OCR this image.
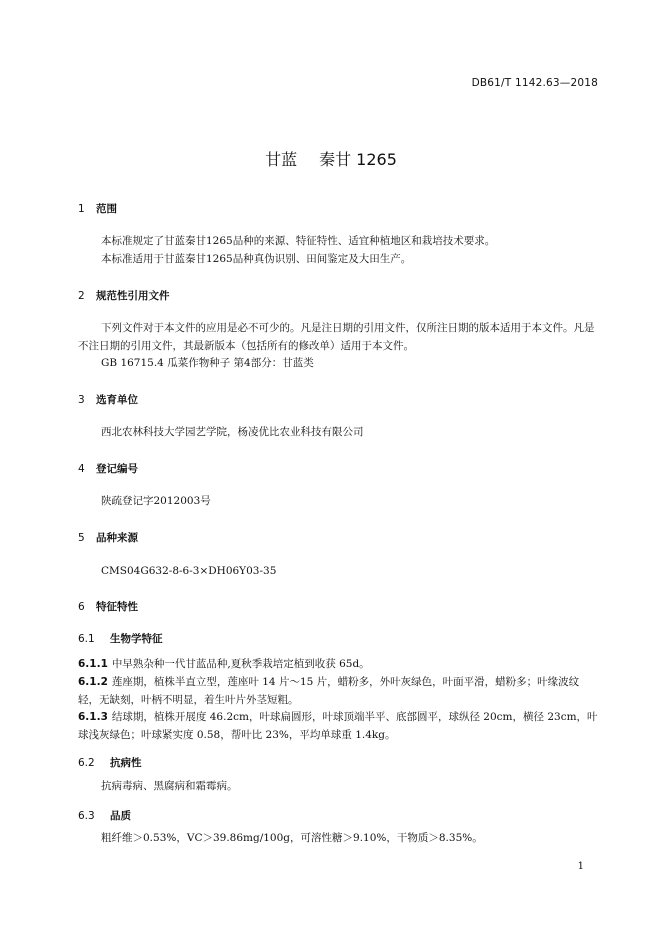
DB61/T 1142.63—2018
甘蓝 秦甘 1265
1 范围
本标准规定了甘蓝秦甘1265品种的来源、特征特性、适宜种植地区和栽培技术要求。
本标准适用于甘蓝秦甘1265品种真伪识别、田间鉴定及大田生产。
2 规范性引用文件
下列文件对于本文件的应用是必不可少的。凡是注日期的引用文件，仅所注日期的版本适用于本文件。凡是不注日期的引用文件，其最新版本（包括所有的修改单）适用于本文件。
GB 16715.4 瓜菜作物种子 第4部分：甘蓝类
3 选育单位
西北农林科技大学园艺学院，杨凌优比农业科技有限公司
4 登记编号
陕疏登记字2012003号
5 品种来源
CMS04G632-8-6-3×DH06Y03-35
6 特征特性
6.1 生物学特征
6.1.1 中早熟杂种一代甘蓝品种,夏秋季栽培定植到收获 65d。
6.1.2 莲座期，植株半直立型，莲座叶 14 片～15 片，蜡粉多，外叶灰绿色，叶面平滑，蜡粉多；叶缘波纹轻，无缺刻，叶柄不明显，着生叶片外茎短粗。
6.1.3 结球期，植株开展度 46.2cm，叶球扁圆形，叶球顶端半平、底部圆平，球纵径 20cm，横径 23cm，叶球浅灰绿色；叶球紧实度 0.58，帮叶比 23%，平均单球重 1.4kg。
6.2 抗病性
抗病毒病、黑腐病和霜霉病。
6.3 品质
粗纤维＞0.53%，VC＞39.86mg/100g，可溶性糖＞9.10%，干物质＞8.35%。
1
